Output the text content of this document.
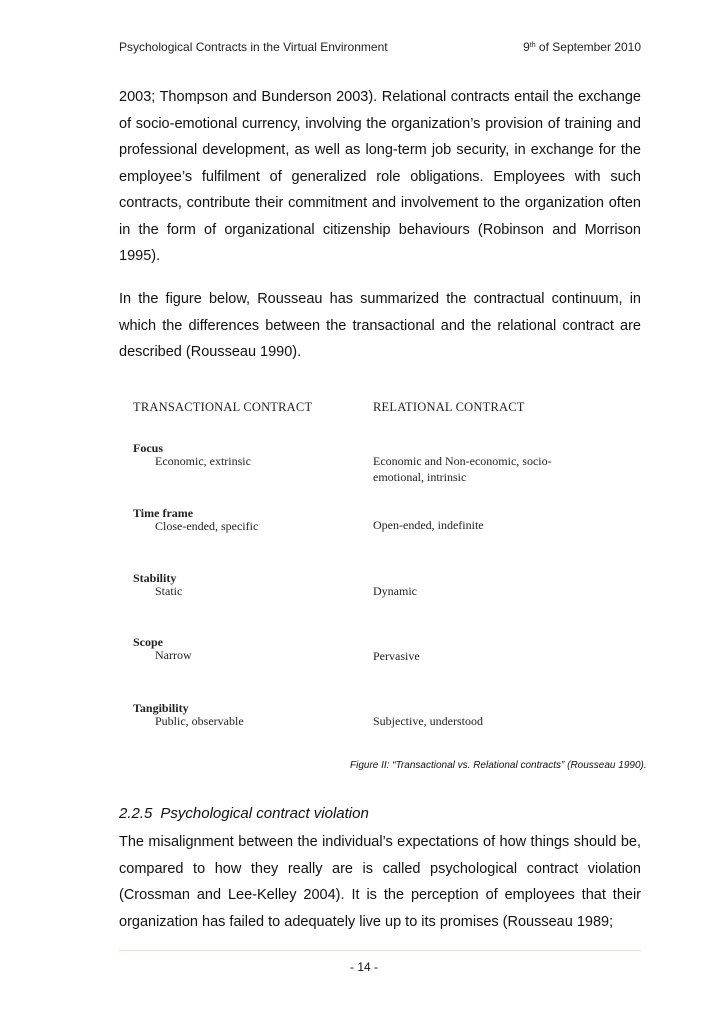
Psychological Contracts in the Virtual Environment	9th of September 2010

2003; Thompson and Bunderson 2003). Relational contracts entail the exchange of socio-emotional currency, involving the organization’s provision of training and professional development, as well as long-term job security, in exchange for the employee’s fulfilment of generalized role obligations. Employees with such contracts, contribute their commitment and involvement to the organization often in the form of organizational citizenship behaviours (Robinson and Morrison 1995).

In the figure below, Rousseau has summarized the contractual continuum, in which the differences between the transactional and the relational contract are described (Rousseau 1990).

TRANSACTIONAL CONTRACT	RELATIONAL CONTRACT
Focus
Economic, extrinsic	Economic and Non-economic, socio-emotional, intrinsic
Time frame
Close-ended, specific	Open-ended, indefinite
Stability
Static	Dynamic
Scope
Narrow	Pervasive
Tangibility
Public, observable	Subjective, understood
Figure II: “Transactional vs. Relational contracts” (Rousseau 1990).
2.2.5 Psychological contract violation

The misalignment between the individual’s expectations of how things should be, compared to how they really are is called psychological contract violation (Crossman and Lee-Kelley 2004). It is the perception of employees that their organization has failed to adequately live up to its promises (Rousseau 1989;

- 14 -
